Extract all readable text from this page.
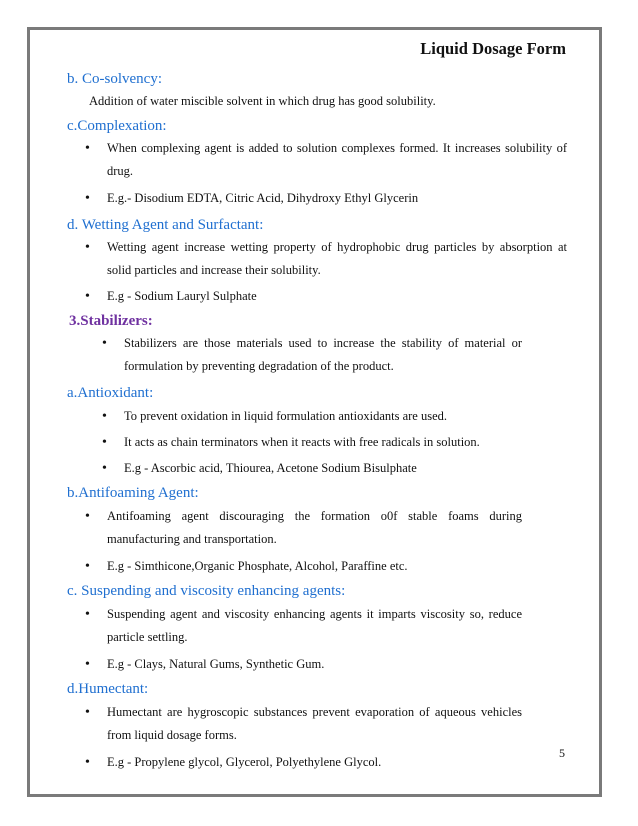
Liquid Dosage Form

b. Co-solvency:

Addition of water miscible solvent in which drug has good solubility.

c.Complexation:

• When complexing agent is added to solution complexes formed. It increases solubility of drug.
• E.g.- Disodium EDTA, Citric Acid, Dihydroxy Ethyl Glycerin

d. Wetting Agent and Surfactant:

• Wetting agent increase wetting property of hydrophobic drug particles by absorption at solid particles and increase their solubility.
• E.g - Sodium Lauryl Sulphate

3.Stabilizers:

• Stabilizers are those materials used to increase the stability of material or formulation by preventing degradation of the product.

a.Antioxidant:

• To prevent oxidation in liquid formulation antioxidants are used.
• It acts as chain terminators when it reacts with free radicals in solution.
• E.g - Ascorbic acid, Thiourea, Acetone Sodium Bisulphate

b.Antifoaming Agent:

• Antifoaming agent discouraging the formation o0f stable foams during manufacturing and transportation.
• E.g - Simthicone,Organic Phosphate, Alcohol, Paraffine etc.

c. Suspending and viscosity enhancing agents:

• Suspending agent and viscosity enhancing agents it imparts viscosity so, reduce particle settling.
• E.g - Clays, Natural Gums, Synthetic Gum.

d.Humectant:

• Humectant are hygroscopic substances prevent evaporation of aqueous vehicles from liquid dosage forms.
• E.g - Propylene glycol, Glycerol, Polyethylene Glycol.
5
